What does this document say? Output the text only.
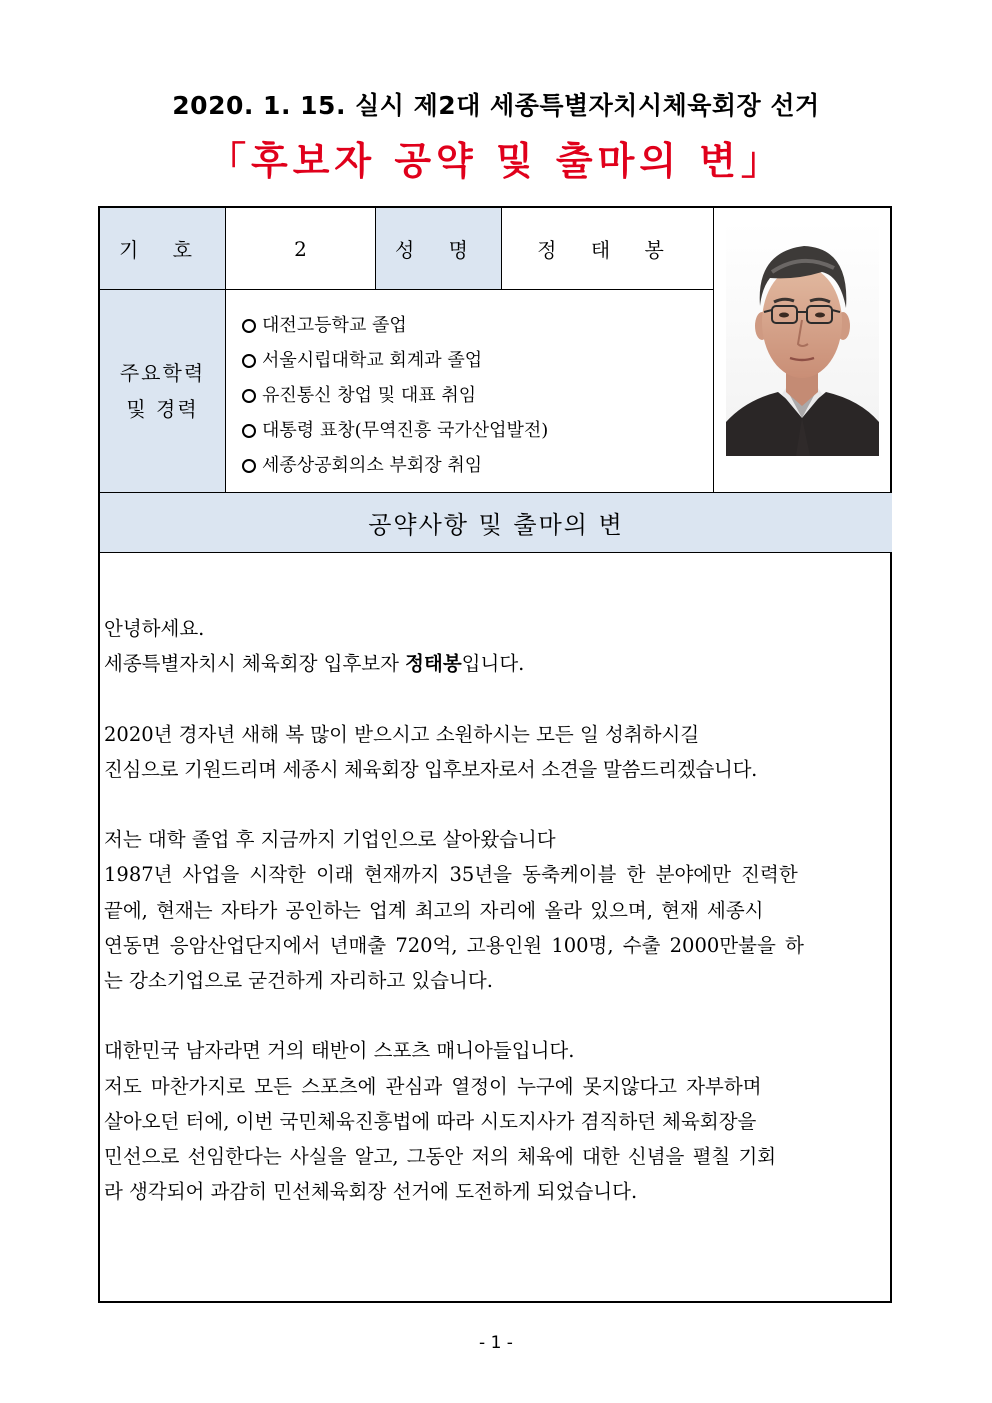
2020. 1. 15. 실시 제2대 세종특별자치시체육회장 선거
「후보자 공약 및 출마의 변」
기 호	2	성 명	정 태 봉
주요학력
및 경력
대전고등학교 졸업
서울시립대학교 회계과 졸업
유진통신 창업 및 대표 취임
대통령 표창(무역진흥 국가산업발전)
세종상공회의소 부회장 취임
공약사항 및 출마의 변

안녕하세요.
세종특별자치시 체육회장 입후보자 정태봉입니다.

2020년 경자년 새해 복 많이 받으시고 소원하시는 모든 일 성취하시길
진심으로 기원드리며 세종시 체육회장 입후보자로서 소견을 말씀드리겠습니다.

저는 대학 졸업 후 지금까지 기업인으로 살아왔습니다
1987년 사업을 시작한 이래 현재까지 35년을 동축케이블 한 분야에만 진력한
끝에, 현재는 자타가 공인하는 업계 최고의 자리에 올라 있으며, 현재 세종시
연동면 응암산업단지에서 년매출 720억, 고용인원 100명, 수출 2000만불을 하
는 강소기업으로 굳건하게 자리하고 있습니다.

대한민국 남자라면 거의 태반이 스포츠 매니아들입니다.
저도 마찬가지로 모든 스포츠에 관심과 열정이 누구에 못지않다고 자부하며
살아오던 터에, 이번 국민체육진흥법에 따라 시도지사가 겸직하던 체육회장을
민선으로 선임한다는 사실을 알고, 그동안 저의 체육에 대한 신념을 펼칠 기회
라 생각되어 과감히 민선체육회장 선거에 도전하게 되었습니다.

- 1 -
